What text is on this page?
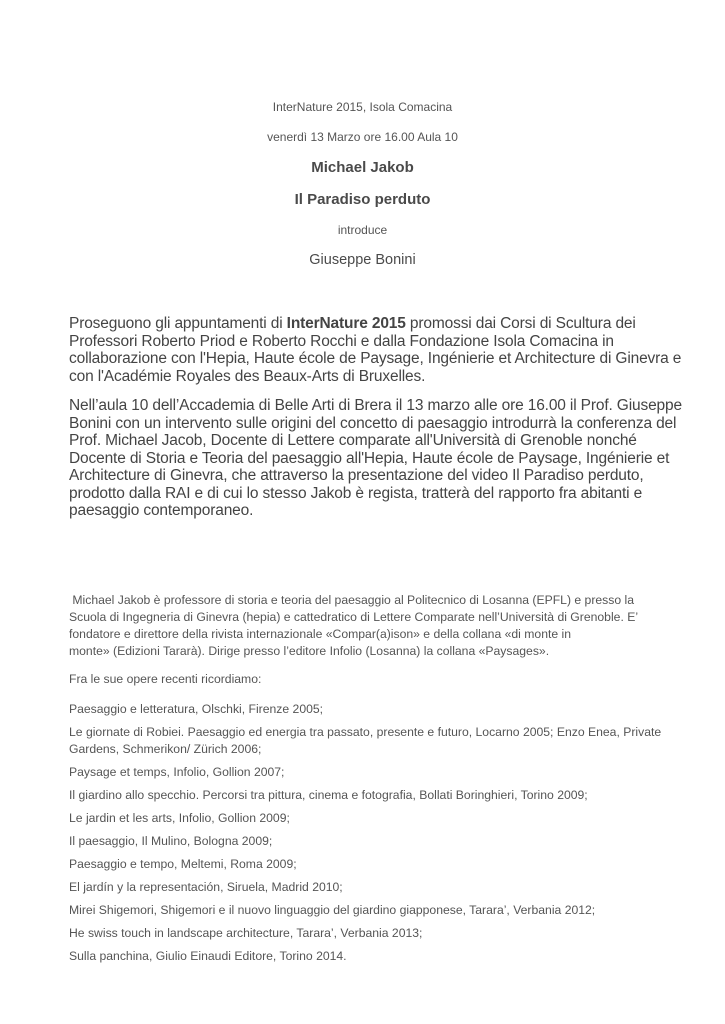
InterNature 2015, Isola Comacina
venerdì 13 Marzo ore 16.00 Aula 10
Michael Jakob
Il Paradiso perduto
introduce
Giuseppe Bonini
Proseguono gli appuntamenti di InterNature 2015 promossi dai Corsi di Scultura dei
Professori Roberto Priod e Roberto Rocchi e dalla Fondazione Isola Comacina in
collaborazione con l'Hepia, Haute école de Paysage, Ingénierie et Architecture di Ginevra e
con l'Académie Royales des Beaux-Arts di Bruxelles.
Nell’aula 10 dell’Accademia di Belle Arti di Brera il 13 marzo alle ore 16.00 il Prof. Giuseppe
Bonini con un intervento sulle origini del concetto di paesaggio introdurrà la conferenza del
Prof. Michael Jacob, Docente di Lettere comparate all'Università di Grenoble nonché
Docente di Storia e Teoria del paesaggio all'Hepia, Haute école de Paysage, Ingénierie et
Architecture di Ginevra, che attraverso la presentazione del video Il Paradiso perduto,
prodotto dalla RAI e di cui lo stesso Jakob è regista, tratterà del rapporto fra abitanti e
paesaggio contemporaneo.
Michael Jakob è professore di storia e teoria del paesaggio al Politecnico di Losanna (EPFL) e presso la
Scuola di Ingegneria di Ginevra (hepia) e cattedratico di Lettere Comparate nell’Università di Grenoble. E’
fondatore e direttore della rivista internazionale «Compar(a)ison» e della collana «di monte in
monte» (Edizioni Tararà). Dirige presso l’editore Infolio (Losanna) la collana «Paysages».
Fra le sue opere recenti ricordiamo:
Paesaggio e letteratura, Olschki, Firenze 2005;
Le giornate di Robiei. Paesaggio ed energia tra passato, presente e futuro, Locarno 2005; Enzo Enea, Private
Gardens, Schmerikon/ Zürich 2006;
Paysage et temps, Infolio, Gollion 2007;
Il giardino allo specchio. Percorsi tra pittura, cinema e fotografia, Bollati Boringhieri, Torino 2009;
Le jardin et les arts, Infolio, Gollion 2009;
Il paesaggio, Il Mulino, Bologna 2009;
Paesaggio e tempo, Meltemi, Roma 2009;
El jardín y la representación, Siruela, Madrid 2010;
Mirei Shigemori, Shigemori e il nuovo linguaggio del giardino giapponese, Tarara’, Verbania 2012;
He swiss touch in landscape architecture, Tarara’, Verbania 2013;
Sulla panchina, Giulio Einaudi Editore, Torino 2014.
